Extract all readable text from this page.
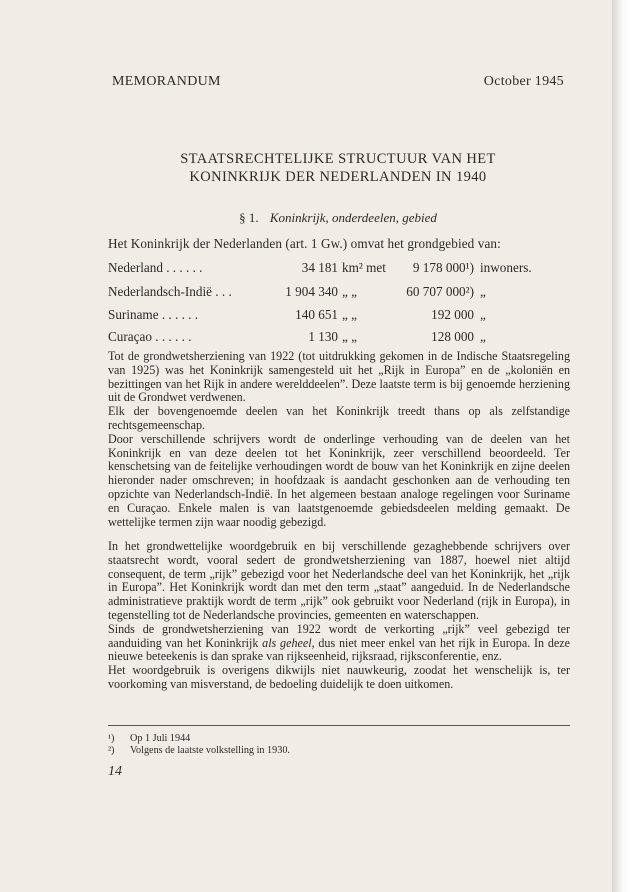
MEMORANDUM	October 1945
STAATSRECHTELIJKE STRUCTUUR VAN HET
KONINKRIJK DER NEDERLANDEN IN 1940
§ 1. Koninkrijk, onderdeelen, gebied
Het Koninkrijk der Nederlanden (art. 1 Gw.) omvat het grondgebied van:
Nederland . . . . . .	34 181 km² met 9 178 000¹) inwoners.
Nederlandsch-Indië . . .	1 904 340 „ „	60 707 000²) „
Suriname . . . . . .	140 651 „ „	192 000 „
Curaçao . . . . . .	1 130 „ „	128 000 „

Tot de grondwetsherziening van 1922 (tot uitdrukking gekomen in de Indische Staatsregeling van 1925) was het Koninkrijk samengesteld uit het „Rijk in Europa” en de „koloniën en bezittingen van het Rijk in andere werelddeelen”. Deze laatste term is bij genoemde herziening uit de Grondwet verdwenen.

Elk der bovengenoemde deelen van het Koninkrijk treedt thans op als zelfstandige rechtsgemeenschap.

Door verschillende schrijvers wordt de onderlinge verhouding van de deelen van het Koninkrijk en van deze deelen tot het Koninkrijk, zeer verschillend beoordeeld. Ter kenschetsing van de feitelijke verhoudingen wordt de bouw van het Koninkrijk en zijne deelen hieronder nader omschreven; in hoofdzaak is aandacht geschonken aan de verhouding ten opzichte van Nederlandsch-Indië. In het algemeen bestaan analoge regelingen voor Suriname en Curaçao. Enkele malen is van laatstgenoemde gebiedsdeelen melding gemaakt. De wettelijke termen zijn waar noodig gebezigd.

In het grondwettelijke woordgebruik en bij verschillende gezaghebbende schrijvers over staatsrecht wordt, vooral sedert de grondwetsherziening van 1887, hoewel niet altijd consequent, de term „rijk” gebezigd voor het Nederlandsche deel van het Koninkrijk, het „rijk in Europa”. Het Koninkrijk wordt dan met den term „staat” aangeduid. In de Nederlandsche administratieve praktijk wordt de term „rijk” ook gebruikt voor Nederland (rijk in Europa), in tegenstelling tot de Nederlandsche provincies, gemeenten en waterschappen.

Sinds de grondwetsherziening van 1922 wordt de verkorting „rijk” veel gebezigd ter aanduiding van het Koninkrijk als geheel, dus niet meer enkel van het rijk in Europa. In deze nieuwe beteekenis is dan sprake van rijkseenheid, rijksraad, rijksconferentie, enz.

Het woordgebruik is overigens dikwijls niet nauwkeurig, zoodat het wenschelijk is, ter voorkoming van misverstand, de bedoeling duidelijk te doen uitkomen.

¹) Op 1 Juli 1944
²) Volgens de laatste volkstelling in 1930.
14
